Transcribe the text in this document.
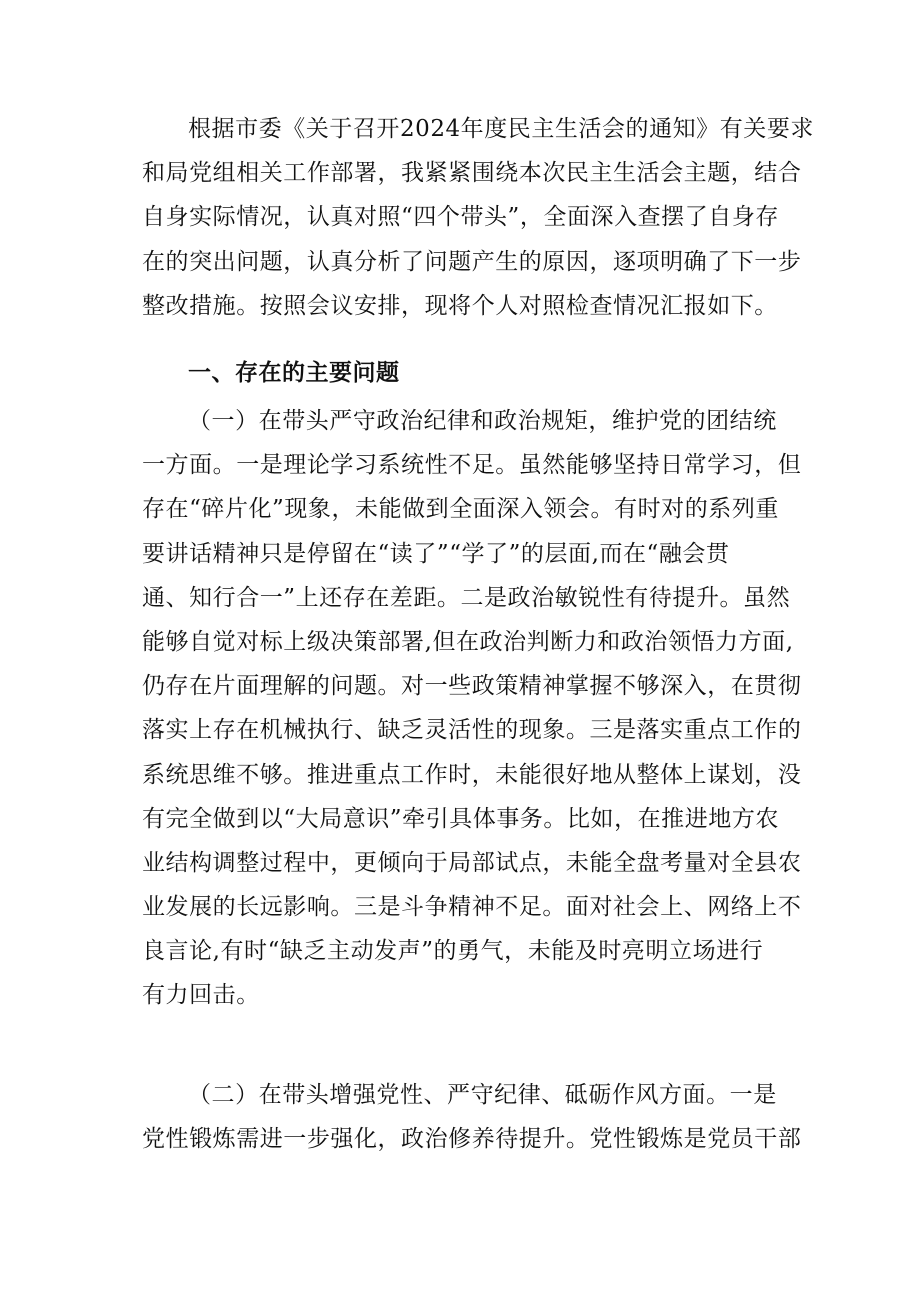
根据市委《关于召开2024年度民主生活会的通知》有关要求
和局党组相关工作部署，我紧紧围绕本次民主生活会主题，结合
自身实际情况，认真对照“四个带头”，全面深入查摆了自身存
在的突出问题，认真分析了问题产生的原因，逐项明确了下一步
整改措施。按照会议安排，现将个人对照检查情况汇报如下。
一、存在的主要问题
（一）在带头严守政治纪律和政治规矩，维护党的团结统
一方面。一是理论学习系统性不足。虽然能够坚持日常学习，但
存在“碎片化”现象，未能做到全面深入领会。有时对的系列重
要讲话精神只是停留在“读了”“学了”的层面,而在“融会贯
通、知行合一”上还存在差距。二是政治敏锐性有待提升。虽然
能够自觉对标上级决策部署,但在政治判断力和政治领悟力方面,
仍存在片面理解的问题。对一些政策精神掌握不够深入，在贯彻
落实上存在机械执行、缺乏灵活性的现象。三是落实重点工作的
系统思维不够。推进重点工作时，未能很好地从整体上谋划，没
有完全做到以“大局意识”牵引具体事务。比如，在推进地方农
业结构调整过程中，更倾向于局部试点，未能全盘考量对全县农
业发展的长远影响。三是斗争精神不足。面对社会上、网络上不
良言论,有时“缺乏主动发声”的勇气，未能及时亮明立场进行
有力回击。
（二）在带头增强党性、严守纪律、砥砺作风方面。一是
党性锻炼需进一步强化，政治修养待提升。党性锻炼是党员干部
